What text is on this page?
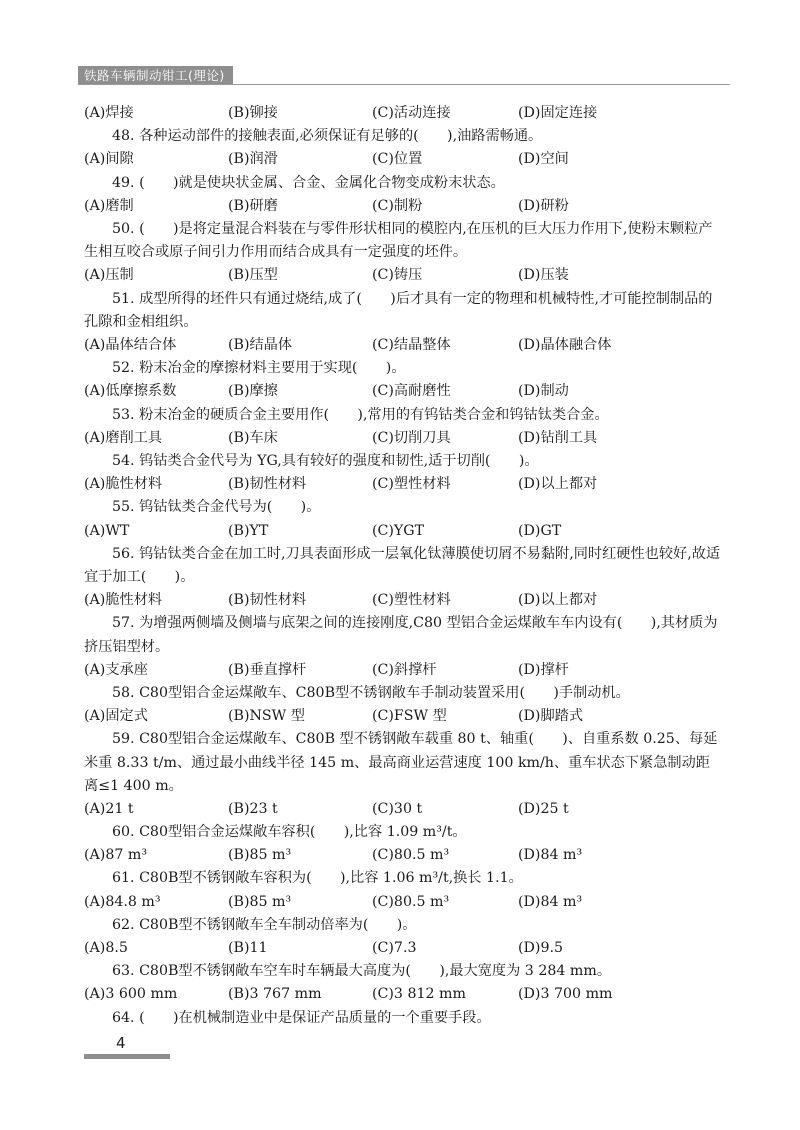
铁路车辆制动钳工(理论)
(A)焊接	(B)铆接	(C)活动连接	(D)固定连接

48. 各种运动部件的接触表面,必须保证有足够的(　　),油路需畅通。

(A)间隙	(B)润滑	(C)位置	(D)空间

49. (　　)就是使块状金属、合金、金属化合物变成粉末状态。

(A)磨制	(B)研磨	(C)制粉	(D)研粉

50. (　　)是将定量混合料装在与零件形状相同的模腔内,在压机的巨大压力作用下,使粉末颗粒产生相互咬合或原子间引力作用而结合成具有一定强度的坯件。

(A)压制	(B)压型	(C)铸压	(D)压装

51. 成型所得的坯件只有通过烧结,成了(　　)后才具有一定的物理和机械特性,才可能控制制品的孔隙和金相组织。

(A)晶体结合体	(B)结晶体	(C)结晶整体	(D)晶体融合体

52. 粉末冶金的摩擦材料主要用于实现(　　)。

(A)低摩擦系数	(B)摩擦	(C)高耐磨性	(D)制动

53. 粉末冶金的硬质合金主要用作(　　),常用的有钨钴类合金和钨钴钛类合金。

(A)磨削工具	(B)车床	(C)切削刀具	(D)钻削工具

54. 钨钴类合金代号为 YG,具有较好的强度和韧性,适于切削(　　)。

(A)脆性材料	(B)韧性材料	(C)塑性材料	(D)以上都对

55. 钨钴钛类合金代号为(　　)。

(A)WT	(B)YT	(C)YGT	(D)GT

56. 钨钴钛类合金在加工时,刀具表面形成一层氧化钛薄膜使切屑不易黏附,同时红硬性也较好,故适宜于加工(　　)。

(A)脆性材料	(B)韧性材料	(C)塑性材料	(D)以上都对

57. 为增强两侧墙及侧墙与底架之间的连接刚度,C80 型铝合金运煤敞车车内设有(　　),其材质为挤压铝型材。

(A)支承座	(B)垂直撑杆	(C)斜撑杆	(D)撑杆

58. C80型铝合金运煤敞车、C80B型不锈钢敞车手制动装置采用(　　)手制动机。

(A)固定式	(B)NSW 型	(C)FSW 型	(D)脚踏式

59. C80型铝合金运煤敞车、C80B 型不锈钢敞车载重 80 t、轴重(　　)、自重系数 0.25、每延米重 8.33 t/m、通过最小曲线半径 145 m、最高商业运营速度 100 km/h、重车状态下紧急制动距离≤1 400 m。

(A)21 t	(B)23 t	(C)30 t	(D)25 t

60. C80型铝合金运煤敞车容积(　　),比容 1.09 m³/t。

(A)87 m³	(B)85 m³	(C)80.5 m³	(D)84 m³

61. C80B型不锈钢敞车容积为(　　),比容 1.06 m³/t,换长 1.1。

(A)84.8 m³	(B)85 m³	(C)80.5 m³	(D)84 m³

62. C80B型不锈钢敞车全车制动倍率为(　　)。

(A)8.5	(B)11	(C)7.3	(D)9.5

63. C80B型不锈钢敞车空车时车辆最大高度为(　　),最大宽度为 3 284 mm。

(A)3 600 mm	(B)3 767 mm	(C)3 812 mm	(D)3 700 mm

64. (　　)在机械制造业中是保证产品质量的一个重要手段。

4
